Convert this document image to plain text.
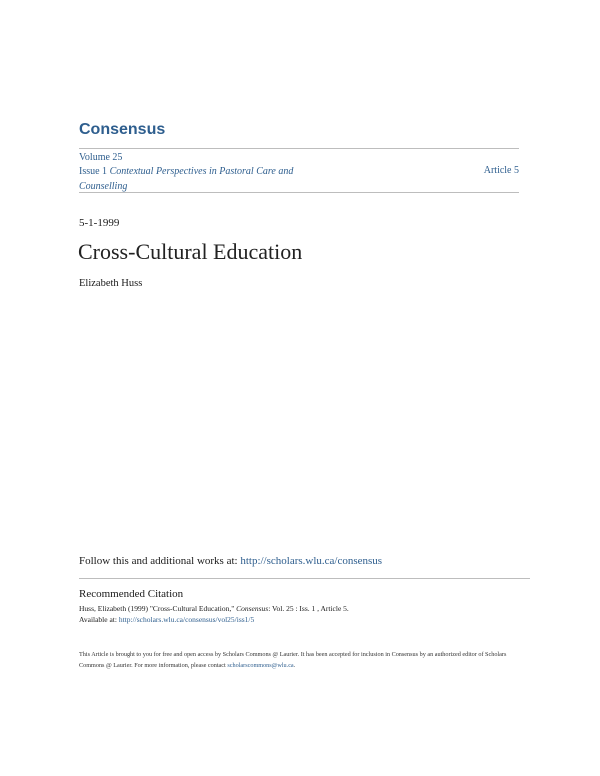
Consensus
Volume 25
Issue 1 Contextual Perspectives in Pastoral Care and Counselling
Article 5
5-1-1999
Cross-Cultural Education
Elizabeth Huss
Follow this and additional works at: http://scholars.wlu.ca/consensus
Recommended Citation
Huss, Elizabeth (1999) "Cross-Cultural Education," Consensus: Vol. 25 : Iss. 1 , Article 5.
Available at: http://scholars.wlu.ca/consensus/vol25/iss1/5
This Article is brought to you for free and open access by Scholars Commons @ Laurier. It has been accepted for inclusion in Consensus by an authorized editor of Scholars Commons @ Laurier. For more information, please contact scholarscommons@wlu.ca.
